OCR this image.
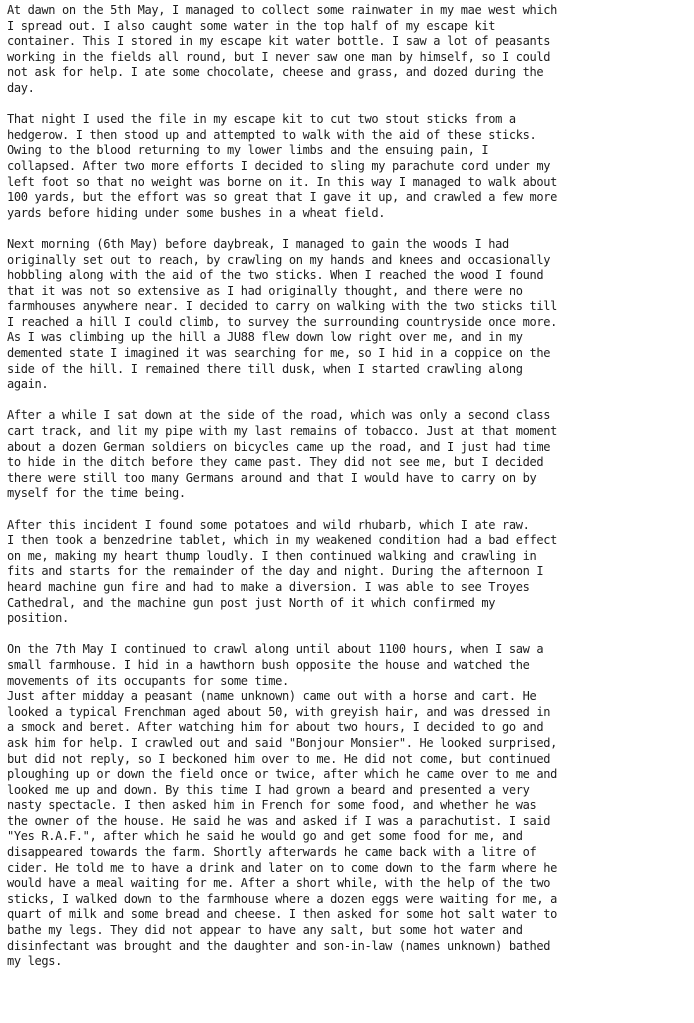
At dawn on the 5th May, I managed to collect some rainwater in my mae west which
I spread out. I also caught some water in the top half of my escape kit
container. This I stored in my escape kit water bottle. I saw a lot of peasants
working in the fields all round, but I never saw one man by himself, so I could
not ask for help. I ate some chocolate, cheese and grass, and dozed during the
day.
That night I used the file in my escape kit to cut two stout sticks from a
hedgerow. I then stood up and attempted to walk with the aid of these sticks.
Owing to the blood returning to my lower limbs and the ensuing pain, I
collapsed. After two more efforts I decided to sling my parachute cord under my
left foot so that no weight was borne on it. In this way I managed to walk about
100 yards, but the effort was so great that I gave it up, and crawled a few more
yards before hiding under some bushes in a wheat field.
Next morning (6th May) before daybreak, I managed to gain the woods I had
originally set out to reach, by crawling on my hands and knees and occasionally
hobbling along with the aid of the two sticks. When I reached the wood I found
that it was not so extensive as I had originally thought, and there were no
farmhouses anywhere near. I decided to carry on walking with the two sticks till
I reached a hill I could climb, to survey the surrounding countryside once more.
As I was climbing up the hill a JU88 flew down low right over me, and in my
demented state I imagined it was searching for me, so I hid in a coppice on the
side of the hill. I remained there till dusk, when I started crawling along
again.
After a while I sat down at the side of the road, which was only a second class
cart track, and lit my pipe with my last remains of tobacco. Just at that moment
about a dozen German soldiers on bicycles came up the road, and I just had time
to hide in the ditch before they came past. They did not see me, but I decided
there were still too many Germans around and that I would have to carry on by
myself for the time being.
After this incident I found some potatoes and wild rhubarb, which I ate raw.
I then took a benzedrine tablet, which in my weakened condition had a bad effect
on me, making my heart thump loudly. I then continued walking and crawling in
fits and starts for the remainder of the day and night. During the afternoon I
heard machine gun fire and had to make a diversion. I was able to see Troyes
Cathedral, and the machine gun post just North of it which confirmed my
position.
On the 7th May I continued to crawl along until about 1100 hours, when I saw a
small farmhouse. I hid in a hawthorn bush opposite the house and watched the
movements of its occupants for some time.
Just after midday a peasant (name unknown) came out with a horse and cart. He
looked a typical Frenchman aged about 50, with greyish hair, and was dressed in
a smock and beret. After watching him for about two hours, I decided to go and
ask him for help. I crawled out and said "Bonjour Monsier". He looked surprised,
but did not reply, so I beckoned him over to me. He did not come, but continued
ploughing up or down the field once or twice, after which he came over to me and
looked me up and down. By this time I had grown a beard and presented a very
nasty spectacle. I then asked him in French for some food, and whether he was
the owner of the house. He said he was and asked if I was a parachutist. I said
"Yes R.A.F.", after which he said he would go and get some food for me, and
disappeared towards the farm. Shortly afterwards he came back with a litre of
cider. He told me to have a drink and later on to come down to the farm where he
would have a meal waiting for me. After a short while, with the help of the two
sticks, I walked down to the farmhouse where a dozen eggs were waiting for me, a
quart of milk and some bread and cheese. I then asked for some hot salt water to
bathe my legs. They did not appear to have any salt, but some hot water and
disinfectant was brought and the daughter and son-in-law (names unknown) bathed
my legs.
